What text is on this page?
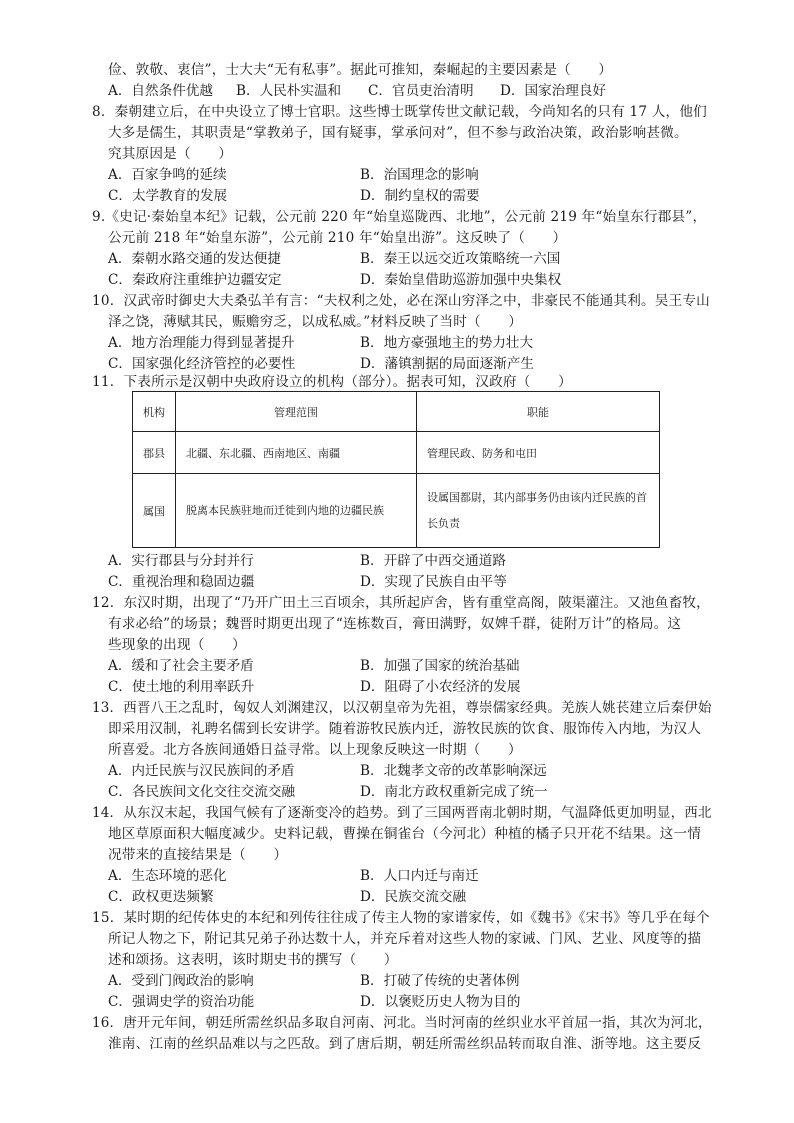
俭、敦敬、衷信”，士大夫“无有私事”。据此可推知，秦崛起的主要因素是（　　）
A．自然条件优越 B．人民朴实温和 C．官员吏治清明 D．国家治理良好
8．秦朝建立后，在中央设立了博士官职。这些博士既掌传世文献记载，今尚知名的只有 17 人，他们
大多是儒生，其职责是“掌教弟子，国有疑事，掌承问对”，但不参与政治决策，政治影响甚微。
究其原因是（　　）
A．百家争鸣的延续	B．治国理念的影响
C．太学教育的发展	D．制约皇权的需要
9.《史记·秦始皇本纪》记载，公元前 220 年“始皇巡陇西、北地”，公元前 219 年“始皇东行郡县”，
公元前 218 年“始皇东游”，公元前 210 年“始皇出游”。这反映了（　　）
A．秦朝水路交通的发达便捷	B．秦王以远交近攻策略统一六国
C．秦政府注重维护边疆安定	D．秦始皇借助巡游加强中央集权
10．汉武帝时御史大夫桑弘羊有言：“夫权利之处，必在深山穷泽之中，非豪民不能通其利。吴王专山
泽之饶，薄赋其民，赈赡穷乏，以成私威。”材料反映了当时（　　）
A．地方治理能力得到显著提升	B．地方豪强地主的势力壮大
C．国家强化经济管控的必要性	D．藩镇割据的局面逐渐产生
11．下表所示是汉朝中央政府设立的机构（部分）。据表可知，汉政府（　　）
机构	管理范围	职能
郡县	北疆、东北疆、西南地区、南疆	管理民政、防务和屯田
属国	脱离本民族驻地而迁徙到内地的边疆民族	设属国都尉，其内部事务仍由该内迁民族的首长负责
A．实行郡县与分封并行	B．开辟了中西交通道路
C．重视治理和稳固边疆	D．实现了民族自由平等
12．东汉时期，出现了“乃开广田土三百顷余，其所起庐舍，皆有重堂高阁，陂渠灌注。又池鱼畜牧，
有求必给”的场景；魏晋时期更出现了“连栋数百，膏田满野，奴婢千群，徒附万计”的格局。这
些现象的出现（　　）
A．缓和了社会主要矛盾	B．加强了国家的统治基础
C．使土地的利用率跃升	D．阻碍了小农经济的发展
13．西晋八王之乱时，匈奴人刘渊建汉，以汉朝皇帝为先祖，尊崇儒家经典。羌族人姚苌建立后秦伊始
即采用汉制，礼聘名儒到长安讲学。随着游牧民族内迁，游牧民族的饮食、服饰传入内地，为汉人
所喜爱。北方各族间通婚日益寻常。以上现象反映这一时期（　　）
A．内迁民族与汉民族间的矛盾	B．北魏孝文帝的改革影响深远
C．各民族间文化交往交流交融	D．南北方政权重新完成了统一
14．从东汉末起，我国气候有了逐渐变冷的趋势。到了三国两晋南北朝时期，气温降低更加明显，西北
地区草原面积大幅度减少。史料记载，曹操在铜雀台（今河北）种植的橘子只开花不结果。这一情
况带来的直接结果是（　　）
A．生态环境的恶化	B．人口内迁与南迁
C．政权更迭频繁	D．民族交流交融
15．某时期的纪传体史的本纪和列传往往成了传主人物的家谱家传，如《魏书》《宋书》等几乎在每个
所记人物之下，附记其兄弟子孙达数十人，并充斥着对这些人物的家诫、门风、艺业、风度等的描
述和颂扬。这表明，该时期史书的撰写（　　）
A．受到门阀政治的影响	B．打破了传统的史著体例
C．强调史学的资治功能	D．以褒贬历史人物为目的
16．唐开元年间，朝廷所需丝织品多取自河南、河北。当时河南的丝织业水平首屈一指，其次为河北，
淮南、江南的丝织品难以与之匹敌。到了唐后期，朝廷所需丝织品转而取自淮、浙等地。这主要反
